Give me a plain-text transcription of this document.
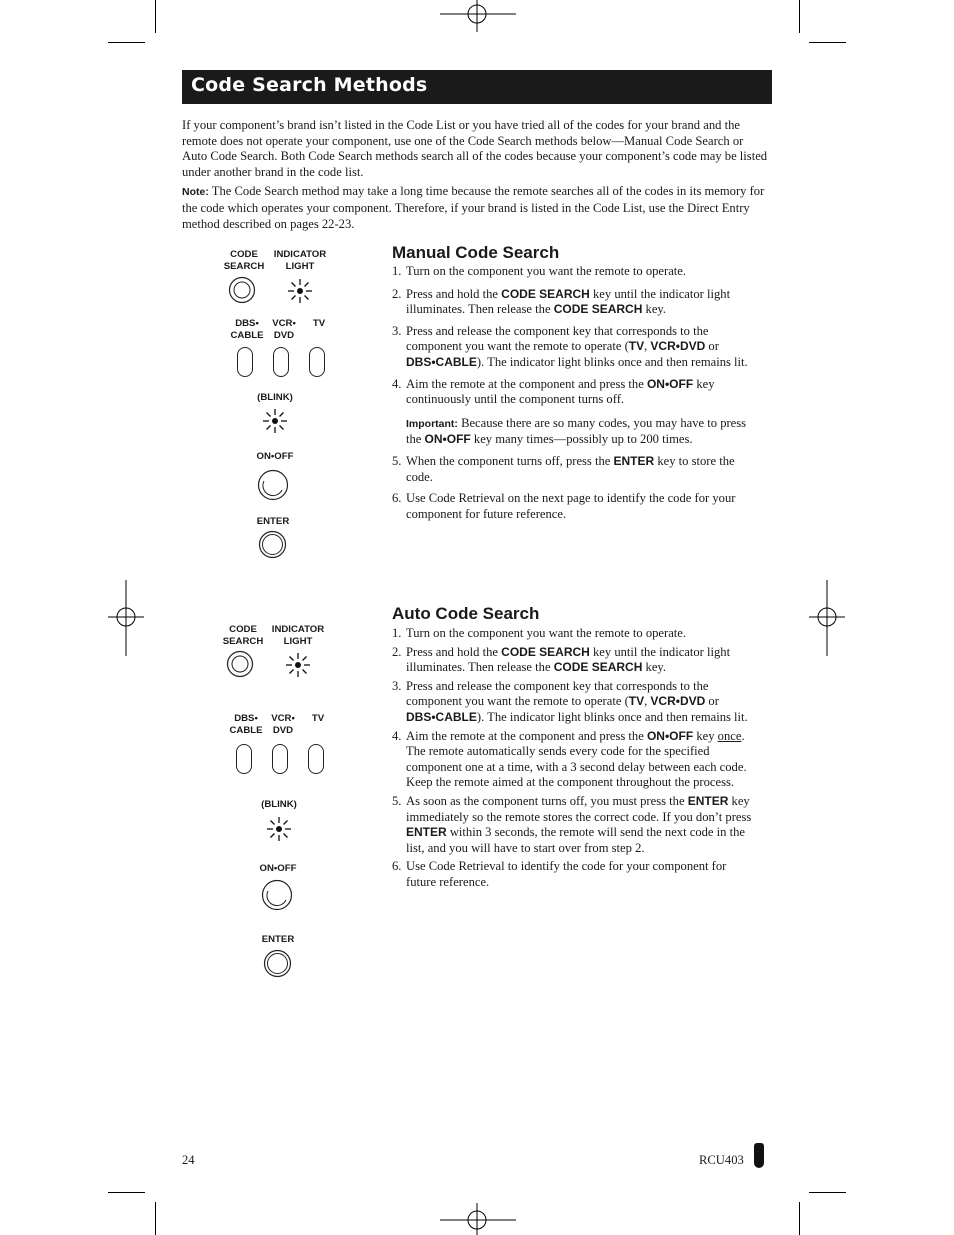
Code Search Methods

If your component’s brand isn’t listed in the Code List or you have tried all of the codes for your brand and the remote does not operate your component, use one of the Code Search methods below—Manual Code Search or Auto Code Search. Both Code Search methods search all of the codes because your component’s code may be listed under another brand in the code list.

Note: The Code Search method may take a long time because the remote searches all of the codes in its memory for the code which operates your component. Therefore, if your brand is listed in the Code List, use the Direct Entry method described on pages 22-23.

CODE
SEARCH
INDICATOR
LIGHT
DBS•
CABLE
VCR•
DVD
TV
(BLINK)
ON•OFF
ENTER
Manual Code Search
1. Turn on the component you want the remote to operate.
2. Press and hold the CODE SEARCH key until the indicator light illuminates. Then release the CODE SEARCH key.
3. Press and release the component key that corresponds to the component you want the remote to operate (TV, VCR•DVD or DBS•CABLE). The indicator light blinks once and then remains lit.
4. Aim the remote at the component and press the ON•OFF key continuously until the component turns off.
Important: Because there are so many codes, you may have to press the ON•OFF key many times—possibly up to 200 times.
5. When the component turns off, press the ENTER key to store the code.
6. Use Code Retrieval on the next page to identify the code for your component for future reference.
CODE
SEARCH
INDICATOR
LIGHT
DBS•
CABLE
VCR•
DVD
TV
(BLINK)
ON•OFF
ENTER
Auto Code Search
1. Turn on the component you want the remote to operate.
2. Press and hold the CODE SEARCH key until the indicator light illuminates. Then release the CODE SEARCH key.
3. Press and release the component key that corresponds to the component you want the remote to operate (TV, VCR•DVD or DBS•CABLE). The indicator light blinks once and then remains lit.
4. Aim the remote at the component and press the ON•OFF key once. The remote automatically sends every code for the specified component one at a time, with a 3 second delay between each code. Keep the remote aimed at the component throughout the process.
5. As soon as the component turns off, you must press the ENTER key immediately so the remote stores the correct code. If you don’t press ENTER within 3 seconds, the remote will send the next code in the list, and you will have to start over from step 2.
6. Use Code Retrieval to identify the code for your component for future reference.
24	RCU403
